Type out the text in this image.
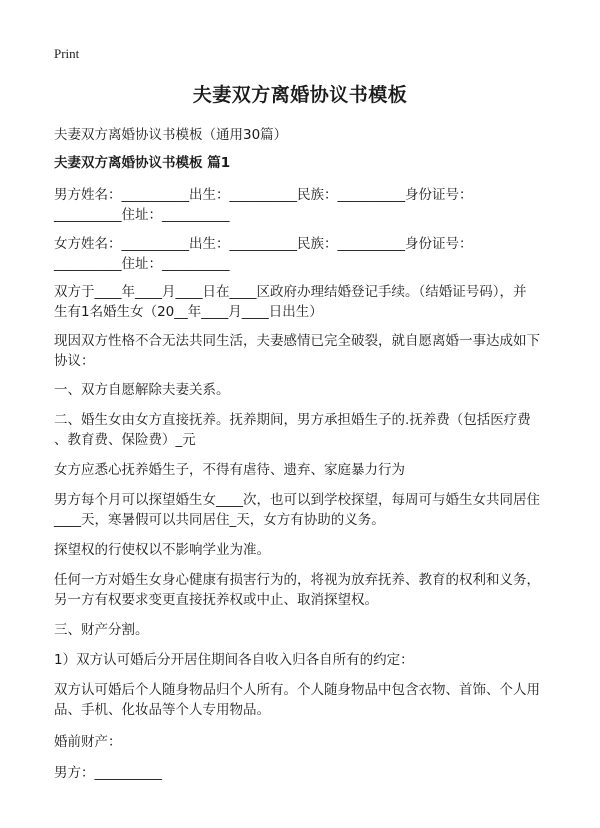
Print
夫妻双方离婚协议书模板
夫妻双方离婚协议书模板（通用30篇）
夫妻双方离婚协议书模板 篇1
男方姓名：__________出生：__________民族：__________身份证号：
__________住址：__________
女方姓名：__________出生：__________民族：__________身份证号：
__________住址：__________
双方于____年____月____日在____区政府办理结婚登记手续。（结婚证号码），并
生有1名婚生女（20__年____月____日出生）
现因双方性格不合无法共同生活，夫妻感情已完全破裂，就自愿离婚一事达成如下
协议：
一、双方自愿解除夫妻关系。
二、婚生女由女方直接抚养。抚养期间，男方承担婚生子的.抚养费（包括医疗费
、教育费、保险费）_元
女方应悉心抚养婚生子，不得有虐待、遗弃、家庭暴力行为
男方每个月可以探望婚生女____次，也可以到学校探望，每周可与婚生女共同居住
____天，寒暑假可以共同居住_天，女方有协助的义务。
探望权的行使权以不影响学业为准。
任何一方对婚生女身心健康有损害行为的，将视为放弃抚养、教育的权利和义务，
另一方有权要求变更直接抚养权或中止、取消探望权。
三、财产分割。
1）双方认可婚后分开居住期间各自收入归各自所有的约定：
双方认可婚后个人随身物品归个人所有。个人随身物品中包含衣物、首饰、个人用
品、手机、化妆品等个人专用物品。
婚前财产：
男方：__________
